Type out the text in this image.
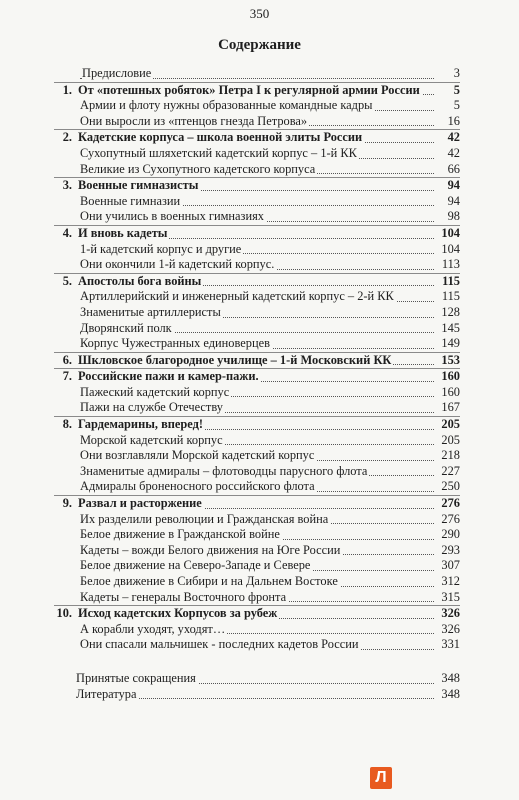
350
Содержание
Предисловие	3
1. От «потешных робяток» Петра I к регулярной армии России	5
Армии и флоту нужны образованные командные кадры	5
Они выросли из «птенцов гнезда Петрова»	16
2. Кадетские корпуса – школа военной элиты России	42
Сухопутный шляхетский кадетский корпус – 1-й КК	42
Великие из Сухопутного кадетского корпуса	66
3. Военные гимназисты	94
Военные гимназии	94
Они учились в военных гимназиях	98
4. И вновь кадеты	104
1-й кадетский корпус и другие	104
Они окончили 1-й кадетский корпус.	113
5. Апостолы бога войны	115
Артиллерийский и инженерный кадетский корпус – 2-й КК	115
Знаменитые артиллеристы	128
Дворянский полк	145
Корпус Чужестранных единоверцев	149
6. Шкловское благородное училище – 1-й Московский КК	153
7. Российские пажи и камер-пажи.	160
Пажеский кадетский корпус	160
Пажи на службе Отечеству	167
8. Гардемарины, вперед!	205
Морской кадетский корпус	205
Они возглавляли Морской кадетский корпус	218
Знаменитые адмиралы – флотоводцы парусного флота	227
Адмиралы броненосного российского флота	250
9. Развал и расторжение	276
Их разделили революции и Гражданская война	276
Белое движение в Гражданской войне	290
Кадеты – вожди Белого движения на Юге России	293
Белое движение на Северо-Западе и Севере	307
Белое движение в Сибири и на Дальнем Востоке	312
Кадеты – генералы Восточного фронта	315
10. Исход кадетских Корпусов за рубеж	326
А корабли уходят, уходят…	326
Они спасали мальчишек - последних кадетов России	331
Принятые сокращения	348
Литература	348
Л
